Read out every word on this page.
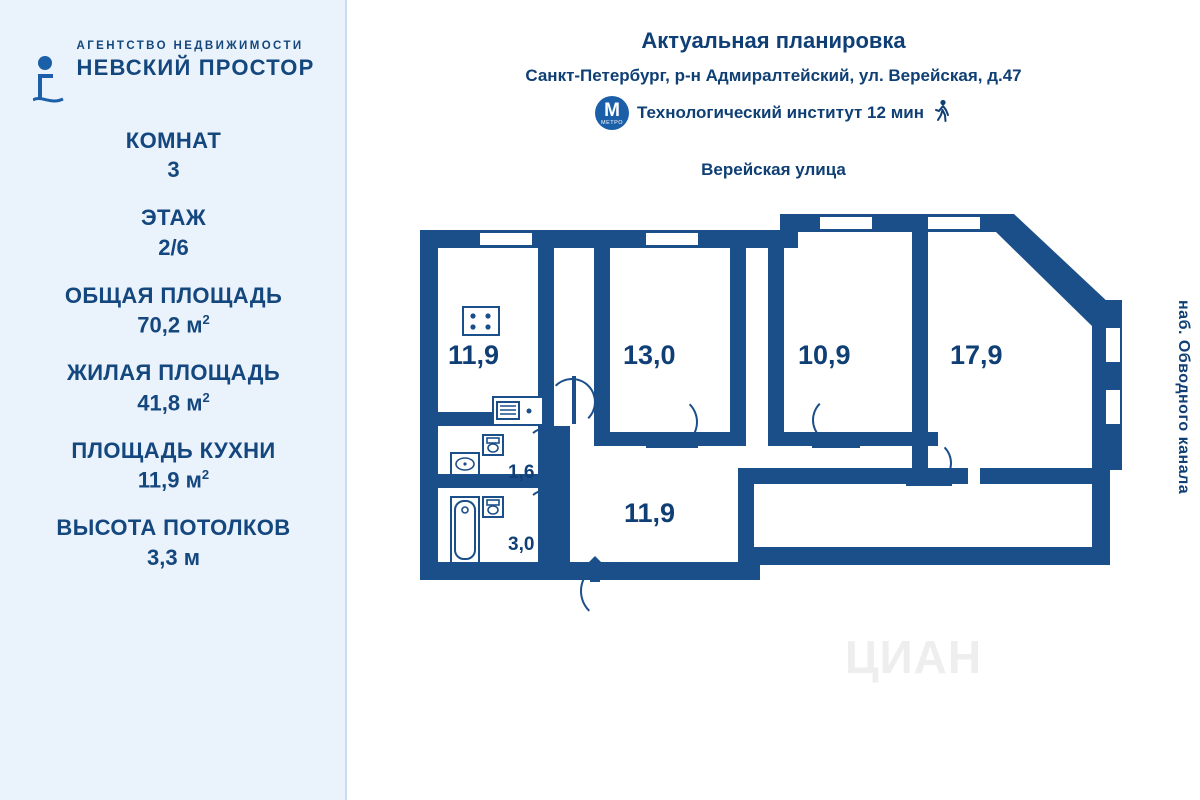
АГЕНТСТВО НЕДВИЖИМОСТИ
НЕВСКИЙ ПРОСТОР
КОМНАТ
3
ЭТАЖ
2/6
ОБЩАЯ ПЛОЩАДЬ
70,2 $м^2$
ЖИЛАЯ ПЛОЩАДЬ
41,8 $м^2$
ПЛОЩАДЬ КУХНИ
11,9 $м^2$
ВЫСОТА ПОТОЛКОВ
3,3 м
Актуальная планировка
Санкт-Петербург, р-н Адмиралтейский, ул. Верейская, д.47
М
МЕТРО
Технологический институт 12 мин
Верейская улица
наб. Обводного канала
11,9	13,0	10,9	17,9
11,9
1,6
3,0
ЦИАН
